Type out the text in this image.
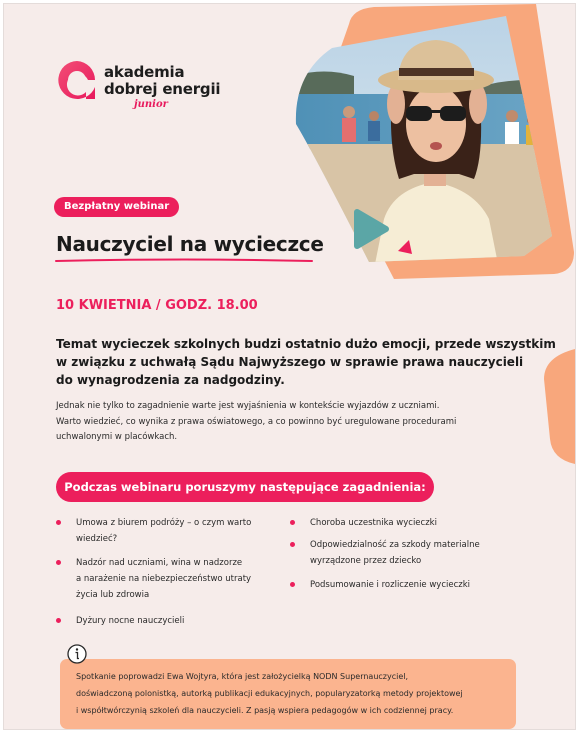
akademia
dobrej energii
junior
Bezpłatny webinar
Nauczyciel na wycieczce
10 KWIETNIA / GODZ. 18.00
Temat wycieczek szkolnych budzi ostatnio dużo emocji, przede wszystkim
w związku z uchwałą Sądu Najwyższego w sprawie prawa nauczycieli
do wynagrodzenia za nadgodziny.
Jednak nie tylko to zagadnienie warte jest wyjaśnienia w kontekście wyjazdów z uczniami.
Warto wiedzieć, co wynika z prawa oświatowego, a co powinno być uregulowane procedurami
uchwalonymi w placówkach.
Podczas webinaru poruszymy następujące zagadnienia:
Umowa z biurem podróży – o czym warto
wiedzieć?
Nadzór nad uczniami, wina w nadzorze
a narażenie na niebezpieczeństwo utraty
życia lub zdrowia
Dyżury nocne nauczycieli
Choroba uczestnika wycieczki
Odpowiedzialność za szkody materialne
wyrządzone przez dziecko
Podsumowanie i rozliczenie wycieczki
Spotkanie poprowadzi Ewa Wojtyra, która jest założycielką NODN Supernauczyciel,
doświadczoną polonistką, autorką publikacji edukacyjnych, popularyzatorką metody projektowej
i współtwórczynią szkoleń dla nauczycieli. Z pasją wspiera pedagogów w ich codziennej pracy.
